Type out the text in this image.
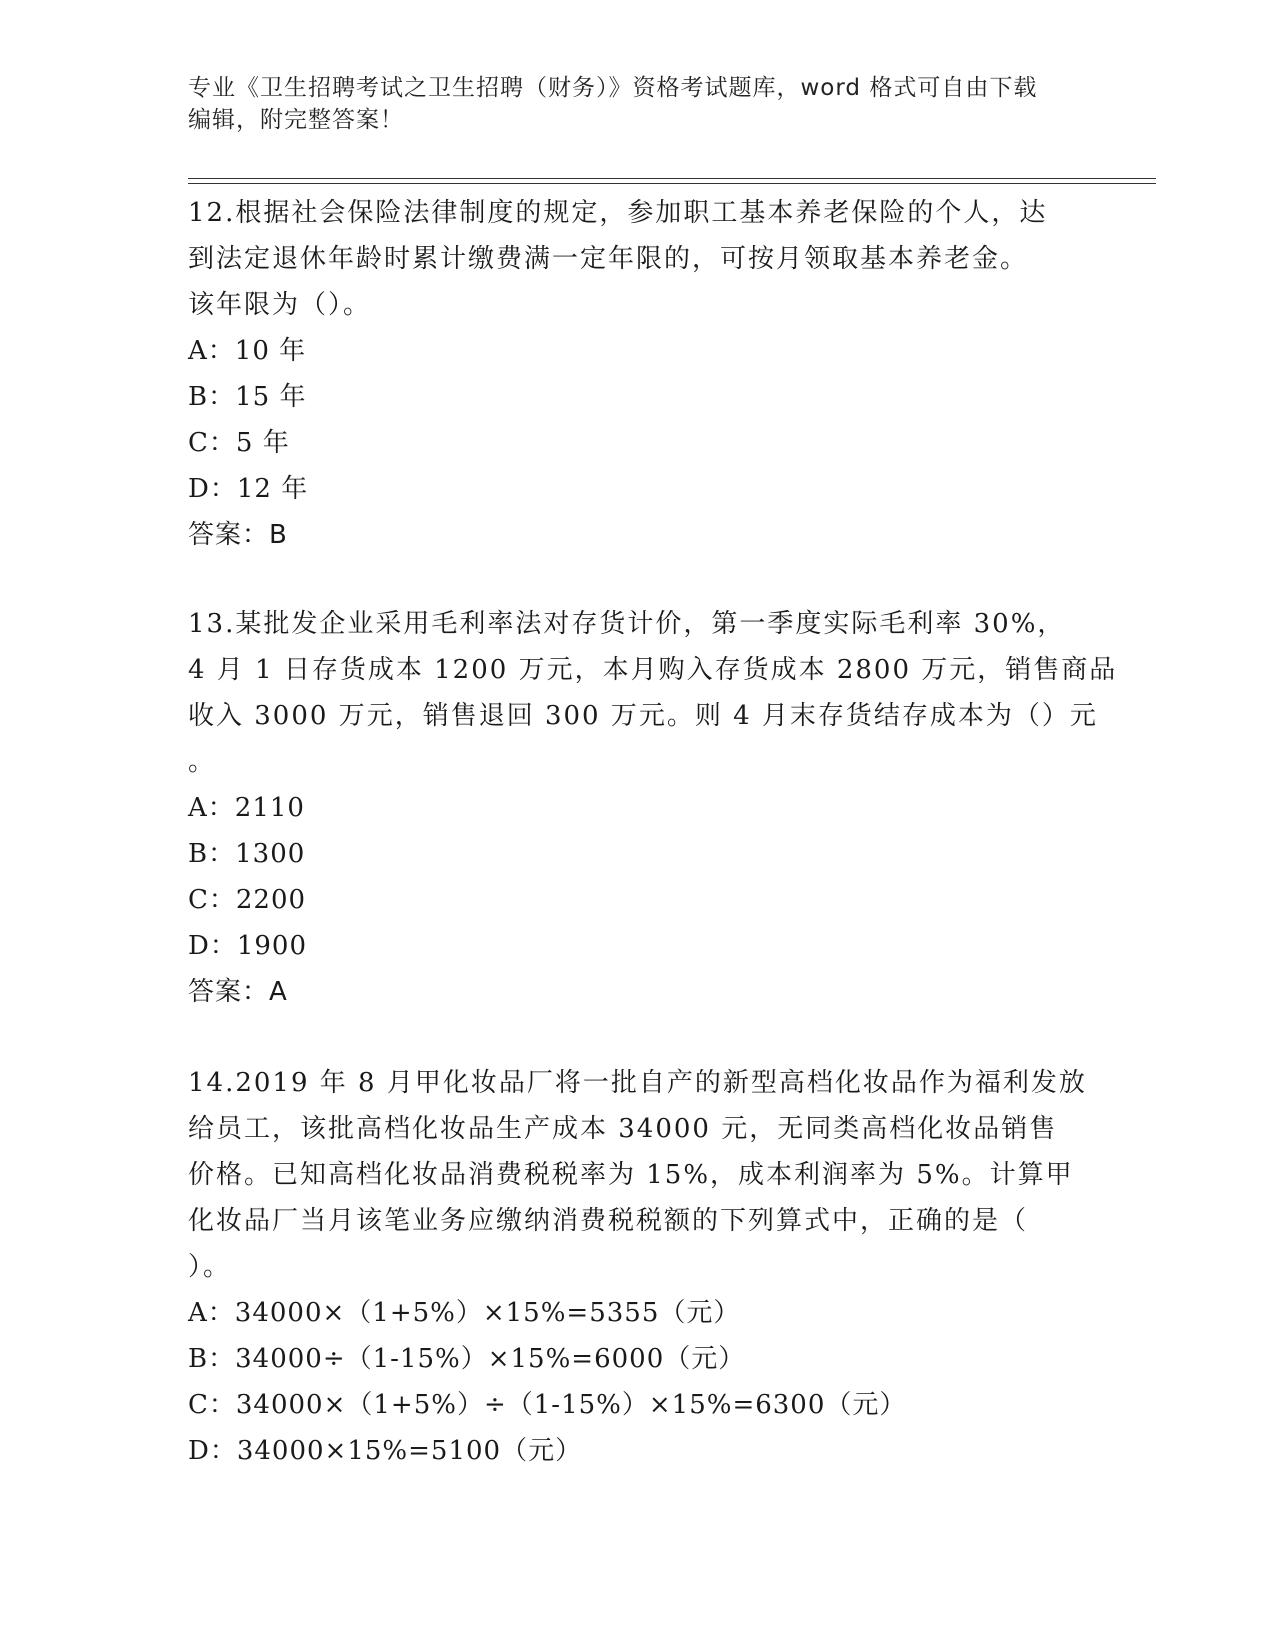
专业《卫生招聘考试之卫生招聘（财务）》资格考试题库，word 格式可自由下载
编辑，附完整答案！
12.根据社会保险法律制度的规定，参加职工基本养老保险的个人，达
到法定退休年龄时累计缴费满一定年限的，可按月领取基本养老金。
该年限为（）。
A：10 年
B：15 年
C：5 年
D：12 年
答案：B
13.某批发企业采用毛利率法对存货计价，第一季度实际毛利率 30%，
4 月 1 日存货成本 1200 万元，本月购入存货成本 2800 万元，销售商品
收入 3000 万元，销售退回 300 万元。则 4 月末存货结存成本为（）元
。
A：2110
B：1300
C：2200
D：1900
答案：A
14.2019 年 8 月甲化妆品厂将一批自产的新型高档化妆品作为福利发放
给员工，该批高档化妆品生产成本 34000 元，无同类高档化妆品销售
价格。已知高档化妆品消费税税率为 15%，成本利润率为 5%。计算甲
化妆品厂当月该笔业务应缴纳消费税税额的下列算式中，正确的是（
）。
A：34000×（1+5%）×15%=5355（元）
B：34000÷（1-15%）×15%=6000（元）
C：34000×（1+5%）÷（1-15%）×15%=6300（元）
D：34000×15%=5100（元）
